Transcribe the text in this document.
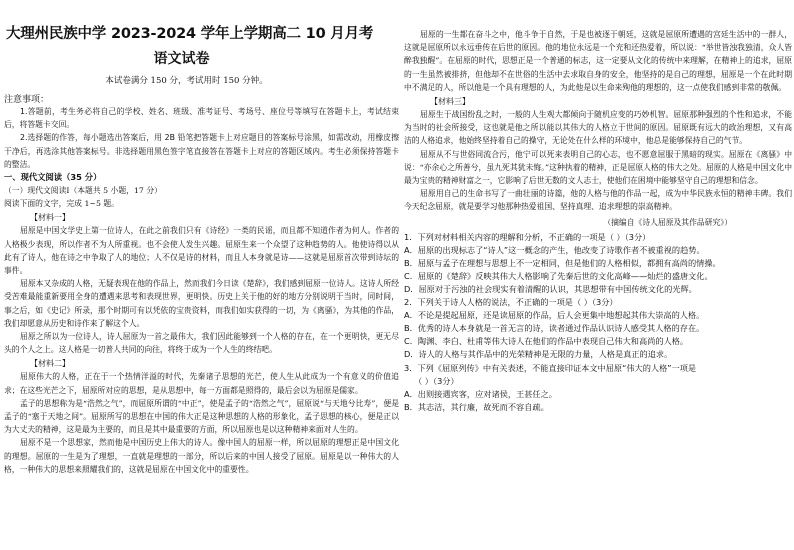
大理州民族中学 2023-2024 学年上学期高二 10 月月考
语文试卷
本试卷满分 150 分，考试用时 150 分钟。
注意事项：

1.答题前，考生务必将自己的学校、姓名、班级、准考证号、考场号、座位号等填写在答题卡上，考试结束后，将答题卡交回。

2.选择题的作答，每小题选出答案后，用 2B 铅笔把答题卡上对应题目的答案标号涂黑，如需改动，用橡皮擦干净后，再选涂其他答案标号。非选择题用黑色签字笔直接答在答题卡上对应的答题区域内。考生必须保持答题卡的整洁。

一、现代文阅读（35 分）

（一）现代文阅读Ⅰ（本题共 5 小题，17 分）

阅读下面的文字，完成 1~5 题。

【材料一】

屈原是中国文学史上第一位诗人，在此之前我们只有《诗经》一类的民谣，而且都不知道作者为何人。作者的人格极少表现，所以作者不为人所重视。也不会使人发生兴趣。屈原生来一个众望了这种趋势的人。他使诗得以从此有了诗人，他在诗之中争取了人的地位；人不仅是诗的材料，而且人本身就是诗——这就是屈原首次带到诗坛的事件。

屈原本又杂成的人格，无疑表现在他的作品上，然而我们今日读《楚辞》，我们感到屈原一位诗人。这诗人所经受苦难最能重新要用全身的遭遇来思考和表现世界，更明快。历史上关于他的好的地方分别说明于当时，同时间，事之后，如《史记》所录，那个时期可有以凭依的宝贵资料，而我们如实获得的一切，为《离骚》，为其他的作品，我们却愿意从历史和诗作来了解这个人。

屈原之所以为一位诗人，诗人屈原为一首之最伟大，我们因此能够到一个人格的存在，在一个更明快，更无尽头的个人之上。这人格是一切普人共同的向往，将终于成为一个人生的终结吧。

【材料二】

屈原伟大的人格，正在于一个热情洋溢的时代，先秦诸子思想的光芒，使人生从此成为一个有意义的价值追求；在这些光芒之下，屈原所对应的思想，是从思想中，每一方面都是照得的，最后会以为屈原是儒家。

孟子的思想称为是“浩然之气”，而屈原所谓的“中正”，使是孟子的“浩然之气”，屈原说“与天地兮比寿”，便是孟子的“塞于天地之间”。屈原所写的思想在中国的伟大正是这种思想的人格的形象化，孟子思想的核心，便是正以为大丈夫的精神，这是最为主要的，而且是其中最重要的方面，所以屈原也是以这种精神来面对人生的。

屈原不是一个思想家，然而他是中国历史上伟大的诗人。像中国人的屈原一样，所以屈原的理想正是中国文化的理想。屈原的一生是为了理想，一直就是理想的一部分，所以后来的中国人接受了屈原。屈原是以一种伟大的人格，一种伟大的思想来照耀我们的，这就是屈原在中国文化中的重要性。

屈原的一生都在奋斗之中，他斗争于自然，于是也被逐于朝廷，这就是屈原所遭遇的宫廷生活中的一群人，这就是屈原所以永远垂传在后世的原因。他的地位永远是一个充和还热爱着，所以说：“举世皆浊我独清，众人皆醉我独醒”。在屈原的时代，思想正是一个普通的标志，这一定要从文化的传统中来理解，在精神上的追求，屈原的一生虽然被排挤，但他却不在世俗的生活中去求取自身的安全，他坚持的是自己的理想，屈原是一个在此时期中不满足的人，所以他是一个具有理想的人，为此他是以生命来殉他的理想的，这一点使我们感到非常的敬佩。

【材料三】

屈原生于战国纷乱之时，一般的人生观大都倾向于随机应变的巧妙机智。屈原那种强烈的个性和追求，不能为当时的社会所接受，这也就是他之所以能以其伟大的人格立于世间的原因。屈原既有远大的政治理想，又有高洁的人格追求，他始终坚持着自己的操守，无论处在什么样的环境中，他总是能够保持自己的气节。

屈原从不与世俗同流合污，他宁可以死来表明自己的心志，也不愿意屈服于黑暗的现实。屈原在《离骚》中说：“亦余心之所善兮，虽九死其犹未悔。”这种执着的精神，正是屈原人格的伟大之处。屈原的人格是中国文化中最为宝贵的精神财富之一，它影响了后世无数的文人志士，使他们在困境中能够坚守自己的理想和信念。

屈原用自己的生命书写了一曲壮丽的诗篇，他的人格与他的作品一起，成为中华民族永恒的精神丰碑。我们今天纪念屈原，就是要学习他那种热爱祖国、坚持真理、追求理想的崇高精神。

（摘编自《诗人屈原及其作品研究》）

1．下列对材料相关内容的理解和分析，不正确的一项是（ ）（3分）

A．屈原的出现标志了“诗人”这一概念的产生，他改变了诗歌作者不被重视的趋势。

B．屈原与孟子在理想与思想上不一定相同，但是他们的人格相似，都拥有高尚的情操。

C．屈原的《楚辞》反映其伟大人格影响了先秦后世的文化高峰——灿烂的盛唐文化。

D．屈原对于污浊的社会现实有着清醒的认识，其思想带有中国传统文化的光辉。

2．下列关于诗人人格的说法，不正确的一项是（ ）（3分）

A．不论是提起屈原，还是读屈原的作品，后人会更集中地想起其伟大崇高的人格。

B．优秀的诗人本身就是一首无言的诗，读者通过作品认识诗人感受其人格的存在。

C．陶渊、李白、杜甫等伟大诗人在他们的作品中表现自己伟大和高尚的人格。

D．诗人的人格与其作品中的光荣精神是无限的力量，人格是真正的追求。

3．下列《屈原列传》中有关表述，不能直接印证本文中屈原“伟大的人格”一项是

（ ）（3分）

A．出则接遇宾客，应对诸侯，王甚任之。

B．其志洁，其行廉，故死而不容自疏。
